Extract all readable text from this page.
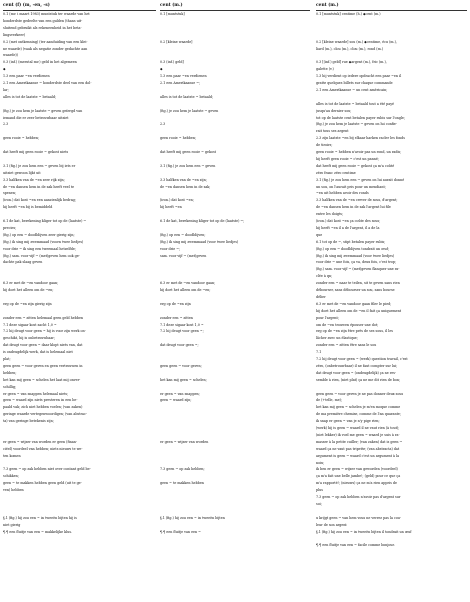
cent (f) (m, -en, -s)	cent (m.)	cent (m.)
0.1 (mv. i maart 1983) muntstuk ter waarde van het
honderdste gedeelte van een gulden (thans uit-
sluitend gebruikt als rekeneenheid in het beta-
lingsverkeer)
0.2 (met ontkenning) (ter aanduiding van een klei-
ne waarde) (vaak als negatie zonder gedachte aan
waarde))
0.3 (inf.) (meestal mv.) geld in het algemeen
◆
1.3 een paar ~en verdienen
2.1 een Amerikaanse ~ honderdste deel van een dol-
lar;
alles is tot de laatste ~ betaald;
(fig.) je zou hem je laatste ~ geven geïergd van
iemand die er zeer betrouwbaar uitziet
2.3
geen rooie ~ hebben;
dat heeft mij geen rooie ~ gekost niets
3.1 (fig.) je zou hem een ~ geven bij iets er
uitziet gewoon lijkt uit
3.3 halfken van de ~en zeer rijk zijn;
de ~en dansen hem in de zak heeft veel te
spenen;
(iron.) dat kost ~en een aanzienlijk bedrag;
hij heeft ~en bij is bemiddeld
6.1 de kat, berekening kliger tot op de (laatste) ~
precies;
(fig.) op een ~ doodblijven zeer gierig zijn;
(fig.) ik sing mij zwemmaad (voorn twee liedjes)
voor drie ~ ik sing een tweemaal hetzelfde;
(fig.) sam. voor vijf ~ (met)geven hem ook ge-
dachte pak slaag geven
6.3 er met de ~en vandoor gaan;
hij doet het alleen om de ~en;
erg op de ~en zijn gierig zijn
zonder een ~ zitten helemaal geen geld hebben
7.1 deze sigaar kost zacht 1,0 ~
7.2 hij deugt voor geen ~ hij is voor zijn werk on-
geschikt, hij is onbetrouwbaar;
dat deugt voor geen ~ daar klopt niets van, dat
is ondeugdelijk werk, dat is helemaal niet
plat;
geen geen ~ voor geven en geen vertrouwen in
hebben;
het kan mij geen ~ schelen het laat mij onver-
schillig;
er geen ~ van snappen helemaal niets;
geen ~ waard zijn niets presteren in een be-
paald vak; zich niet hebben voelen; (van zaken)
geringe waarde vertegenwoordigen; (van abstrac-
ta) van geringe betekenis zijn;
er geen ~ wijzer van worden er geen (finan-
ciëel) voordeel van hebben; niets nieuws te we-
ten komen
7.3 geen ~ op zak hebben niet over contant geld be-
schikken;
geen ~ te makken hebben geen geld (uit te ge-
ven) hebben
§.1 (fig.) hij zou een ~ in tweeën bijten hij is
niet gierig
¶.¶ een fluitje van een ~ makkelijke klus.
0.1 [muntstuk]
0.2 [kleine waarde]
0.3 (inf.) geld]
◆
1.3 een paar ~en verdienen
2.1 een Amerikaanse ~;
alles is tot de laatste ~ betaald;
(fig.) je zou hem je laatste ~ geven
2.3
geen rooie ~ hebben;
dat heeft mij geen rooie ~ gekost
3.1 (fig.) je zou hem een ~ geven
3.3 halfken van de ~en zijn;
de ~en dansen hem in de zak;
(iron.) dat kost ~en;
hij heeft ~en
6.1 de kat, berekening kliger tot op de (laatste) ~;
(fig.) op een ~ doodblijven;
(fig.) ik sing mij zwemmaad (voor twee liedjes)
voor drie ~;
sam. voor vijf ~ (met)geven
6.3 er met de ~en vandoor gaan;
hij doet het alleen om de ~en;
erg op de ~en zijn
zonder een ~ zitten
7.1 deze sigaar kost 1,0 ~
7.2 hij deugt voor geen ~;
dat deugt voor geen ~;
geen geen ~ voor geven;
het kan mij geen ~ schelen;
er geen ~ van snappen;
geen ~ waard zijn;
er geen ~ wijzer van worden
7.3 geen ~ op zak hebben;
geen ~ te makken hebben
§.1 (fig.) hij zou een ~ in tweeën bijten
¶.¶ een fluitje van een ~
0.1 [muntstuk] centime (h.) ◆cent (m.)
0.2 [kleine waarde] sou (m.) ◆centime, écu (m.),
liard (m.), clou (m.), clou (m.), rond (m.)
0.3 [(inf.) geld] rue ◆argent (m.), fric (m.),
galette (v.)
1.3 hij verdient op iedere opdracht een paar ~en il
gratte quelques billets sur chaque commande
2.1 een Amerikaanse ~ un cent américain;
alles is tot de laatste ~ betaald tout a été payé
jusqu'au dernier sou;
tot op de laatste cent betalen payer rubis sur l'ongle;
(fig.) je zou hem je laatste ~ geven on lui confie-
rait tous ses argent
2.3 zijn laatste ~en bij elkaar harken racler les fonds
de tiroirs;
geen rooie ~ hebben n'avoir pas un rond, un radis;
hij heeft geen rooie ~ c'est un panné;
dat heeft mij geen rooie ~ gekost ça m'a coûté
zéro franc zéro centime
3.1 (fig.) je zou hem een ~ geven on lui aurait donné
un sou, on l'aurait pris pour un mendiant;
~en uit hebben avoir des ronds
3.3 halfken van de ~en crever de sous, d'argent;
de ~en dansen hem in de zak l'argent lui file
entre les doigts;
(iron.) dat kost ~en ça coûte des sous;
hij heeft ~en il a de l'argent, il a de la
que
6.1 tot op de ~, stipt betalen payer rubis;
(fig.) op een ~ doodblijven tondrait un œuf;
(fig.) ik sing mij zwemmaad (voor twee liedjes)
voor drie ~ une fois, ça va, deux fois, c'est trop;
(fig.) sam. voor vijf ~ (met)geven flanquer une ra-
clée à qn;
zonder een ~ naar te teilen, sit te geven sans rien
débourser, sans débourser un sou, sans bourse
délier
6.3 er met de ~en vandoor gaan filer le pied;
hij doet het alleen om de ~en il fait ça uniquement
pour l'argent;
om de ~en trouwen épouser une dot;
erg op de ~en zijn être près de ses sous, il les
lâcher avec un élastique;
zonder een ~ zitten être sans le sou
7.1
7.2 hij deugt voor geen ~ (werk) question travail, c'est
zéro, (onbetrouwbaar) il ne faut compter sur lui;
dat deugt voor geen ~ (ondeugdelijk) ça ne res-
semble à rien, (niet plat) ça ne me dit rien de bon;
geen geen ~ voor geven je ne pas donner deux sous
de (+telle, me);
het kan mij geen ~ schelen je m'en moque comme
de ma première chemise, comme de l'an quarante;
ik snap er geen ~ van je n'y pige rien;
(werk) hij is geen ~ waard il ne vaut rien (à tout);
(niet lekker) ik voel me geen ~ waard je suis à ra-
masser à la petite cuiller; (van zaken) dat is geen ~
waard ça ne vaut pas tripette; (van abstracta) dat
argument is geen ~ waard c'est un argument à la
noix;
ik ben er geen ~ wijzer van geworden (voordeel)
ça m'a fait une belle jambe!; (geld) pour ce que ça
m'a rapporté!; (nieuws) ça ne m'a rien appris de
plus
7.3 geen ~ op zak hebben n'avoir pas d'argent sur
soi;
u krijgt geen ~ van hem vous ne verrez pas la cou-
leur de son argent
§.1 (fig.) hij zou een ~ in tweeën bijten il tondrait un œuf
¶.¶ een fluitje van een ~ facile comme bonjour.
